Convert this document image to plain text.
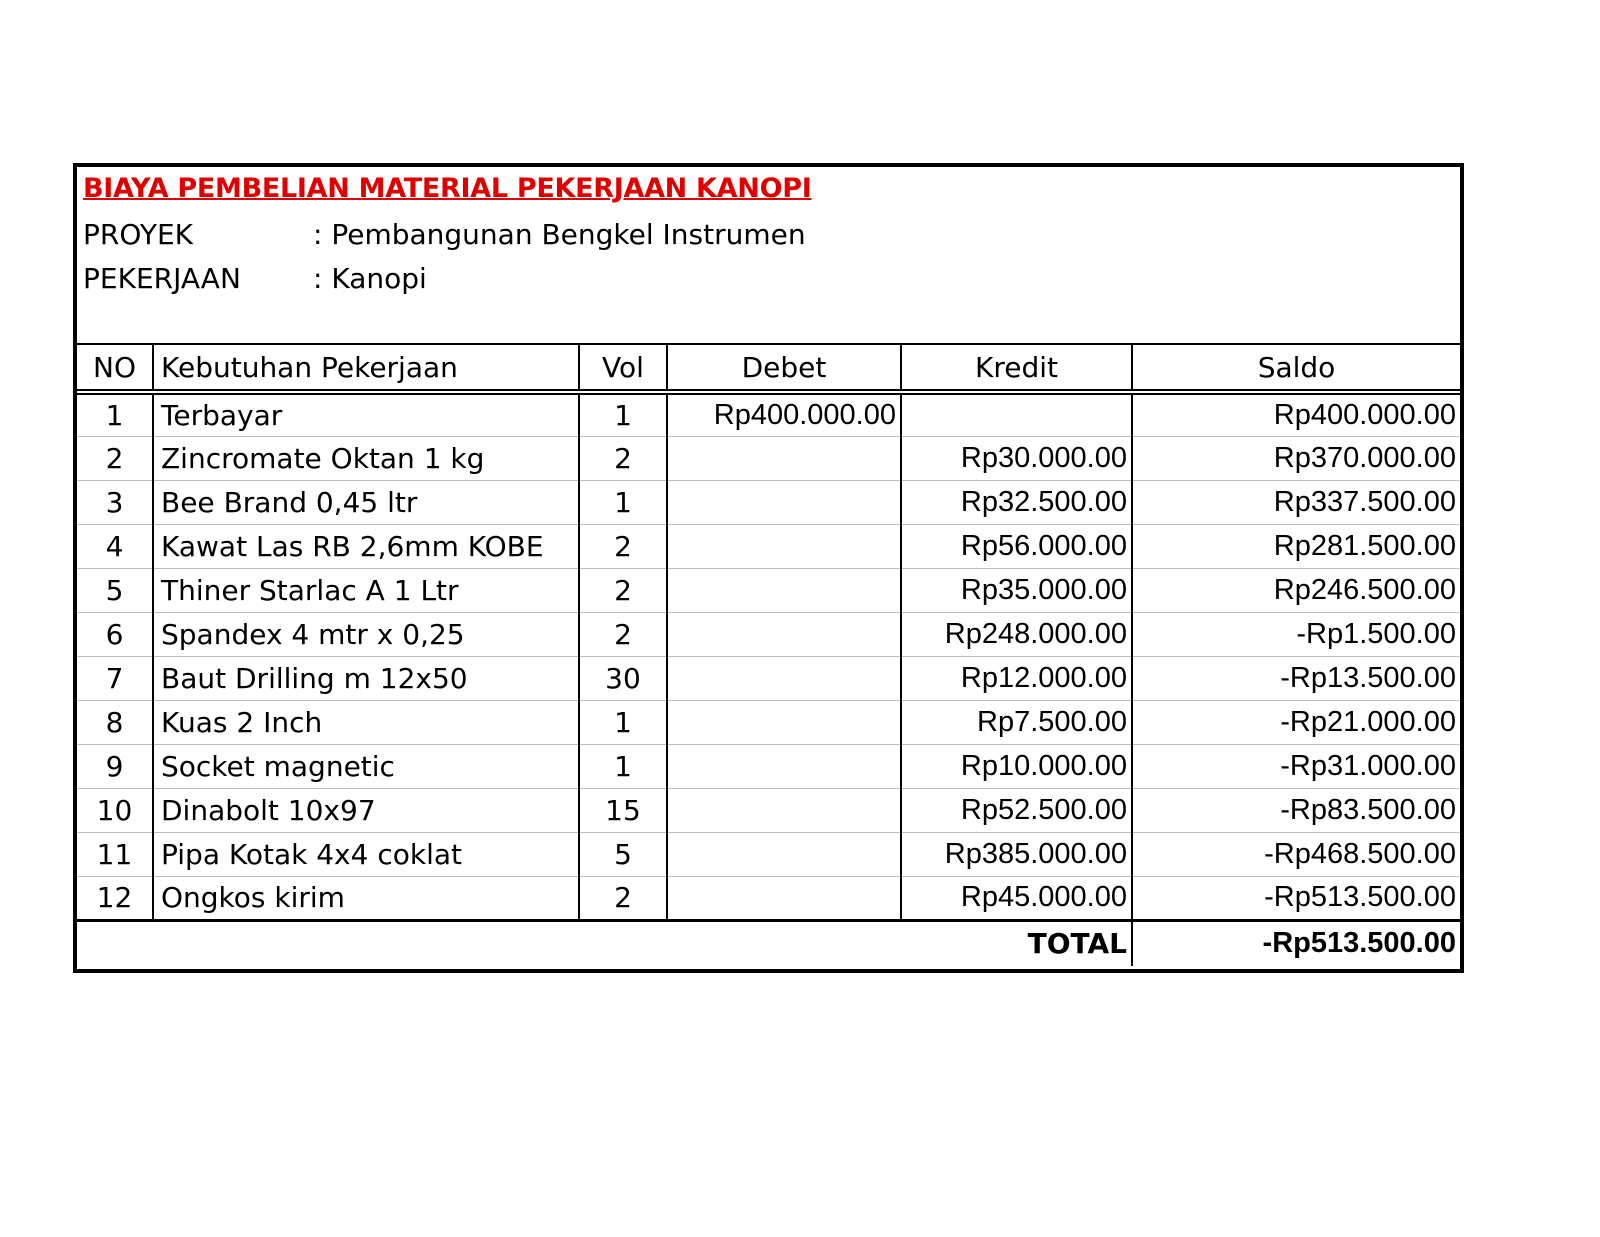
BIAYA PEMBELIAN MATERIAL PEKERJAAN KANOPI
PROYEK	: Pembangunan Bengkel Instrumen
PEKERJAAN	: Kanopi
NO	Kebutuhan Pekerjaan	Vol	Debet	Kredit	Saldo
1	Terbayar	1	Rp400.000.00		Rp400.000.00
2	Zincromate Oktan 1 kg	2		Rp30.000.00	Rp370.000.00
3	Bee Brand 0,45 ltr	1		Rp32.500.00	Rp337.500.00
4	Kawat Las RB 2,6mm KOBE	2		Rp56.000.00	Rp281.500.00
5	Thiner Starlac A 1 Ltr	2		Rp35.000.00	Rp246.500.00
6	Spandex 4 mtr x 0,25	2		Rp248.000.00	-Rp1.500.00
7	Baut Drilling m 12x50	30		Rp12.000.00	-Rp13.500.00
8	Kuas 2 Inch	1		Rp7.500.00	-Rp21.000.00
9	Socket magnetic	1		Rp10.000.00	-Rp31.000.00
10	Dinabolt 10x97	15		Rp52.500.00	-Rp83.500.00
11	Pipa Kotak 4x4 coklat	5		Rp385.000.00	-Rp468.500.00
12	Ongkos kirim	2		Rp45.000.00	-Rp513.500.00
TOTAL					-Rp513.500.00
